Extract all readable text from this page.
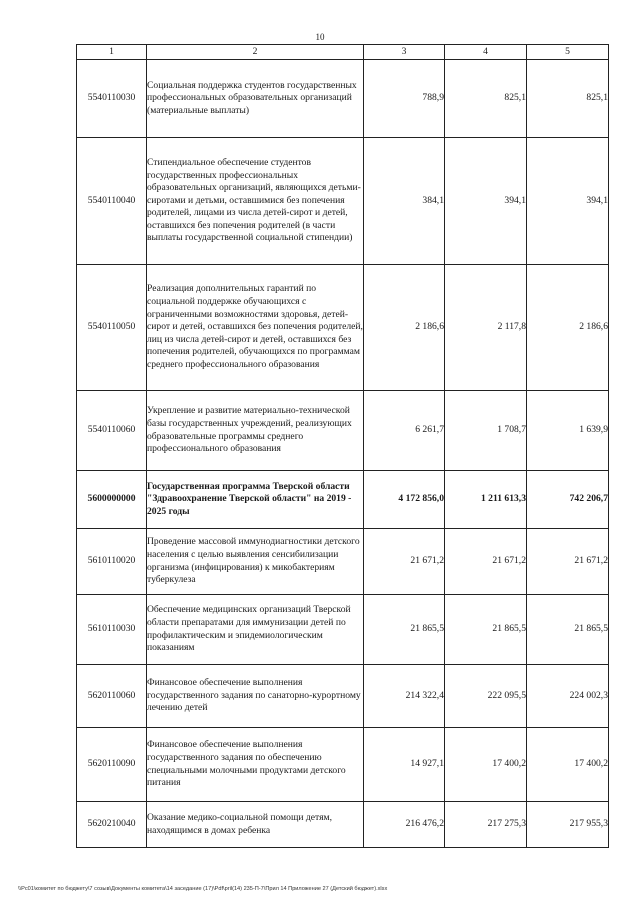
10
1	2	3	4	5
5540110030	Социальная поддержка студентов государственных профессиональных образовательных организаций (материальные выплаты)	788,9	825,1	825,1
5540110040	Стипендиальное обеспечение студентов государственных профессиональных образовательных организаций, являющихся детьми-сиротами и детьми, оставшимися без попечения родителей, лицами из числа детей-сирот и детей, оставшихся без попечения родителей (в части выплаты государственной социальной стипендии)	384,1	394,1	394,1
5540110050	Реализация дополнительных гарантий по социальной поддержке обучающихся с ограниченными возможностями здоровья, детей-сирот и детей, оставшихся без попечения родителей, лиц из числа детей-сирот и детей, оставшихся без попечения родителей, обучающихся по программам среднего профессионального образования	2 186,6	2 117,8	2 186,6
5540110060	Укрепление и развитие материально-технической базы государственных учреждений, реализующих образовательные программы среднего профессионального образования	6 261,7	1 708,7	1 639,9
5600000000	Государственная программа Тверской области "Здравоохранение Тверской области" на 2019 - 2025 годы	4 172 856,0	1 211 613,3	742 206,7
5610110020	Проведение массовой иммунодиагностики детского населения с целью выявления сенсибилизации организма (инфицирования) к микобактериям туберкулеза	21 671,2	21 671,2	21 671,2
5610110030	Обеспечение медицинских организаций Тверской области препаратами для иммунизации детей по профилактическим и эпидемиологическим показаниям	21 865,5	21 865,5	21 865,5
5620110060	Финансовое обеспечение выполнения государственного задания по санаторно-курортному лечению детей	214 322,4	222 095,5	224 002,3
5620110090	Финансовое обеспечение выполнения государственного задания по обеспечению специальными молочными продуктами детского питания	14 927,1	17 400,2	17 400,2
5620210040	Оказание медико-социальной помощи детям, находящимся в домах ребенка	216 476,2	217 275,3	217 955,3
\\Pc01\комитет по бюджету\7 созыв\Документы комитета\14 заседание (17)\Pdf\pril(14) 235-П-7\Прил 14 Приложение 27 (Детский бюджет).xlsx
